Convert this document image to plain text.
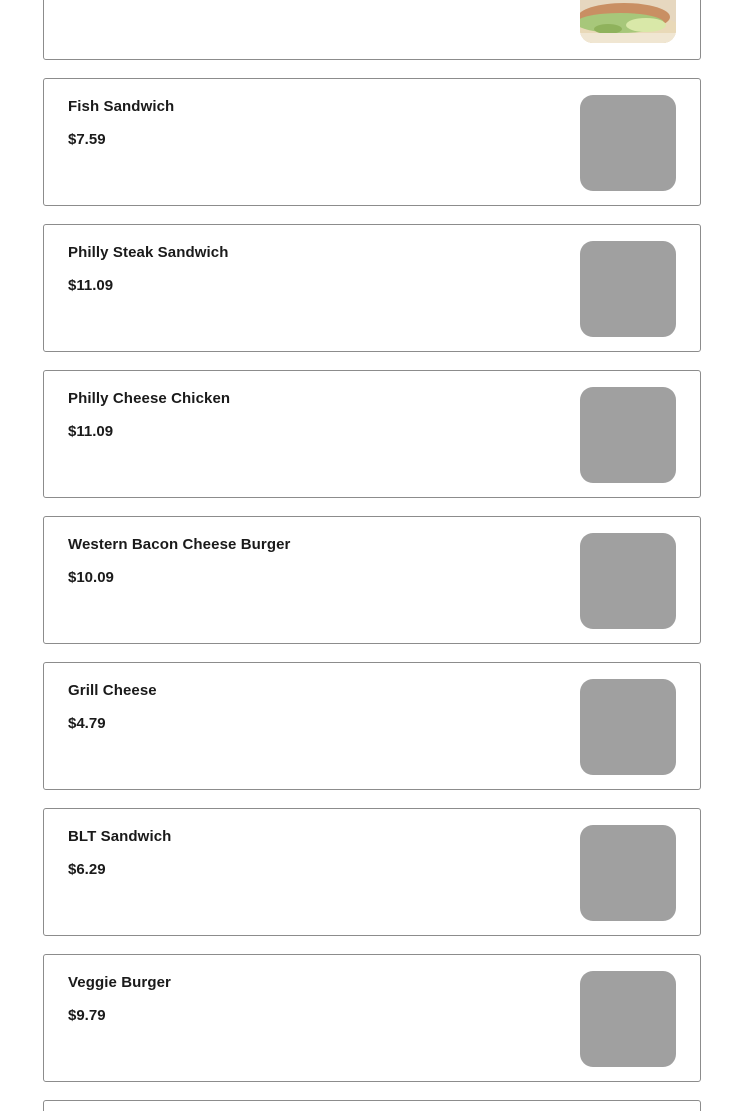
Fish Sandwich
$7.59
Philly Steak Sandwich
$11.09
Philly Cheese Chicken
$11.09
Western Bacon Cheese Burger
$10.09
Grill Cheese
$4.79
BLT Sandwich
$6.29
Veggie Burger
$9.79
